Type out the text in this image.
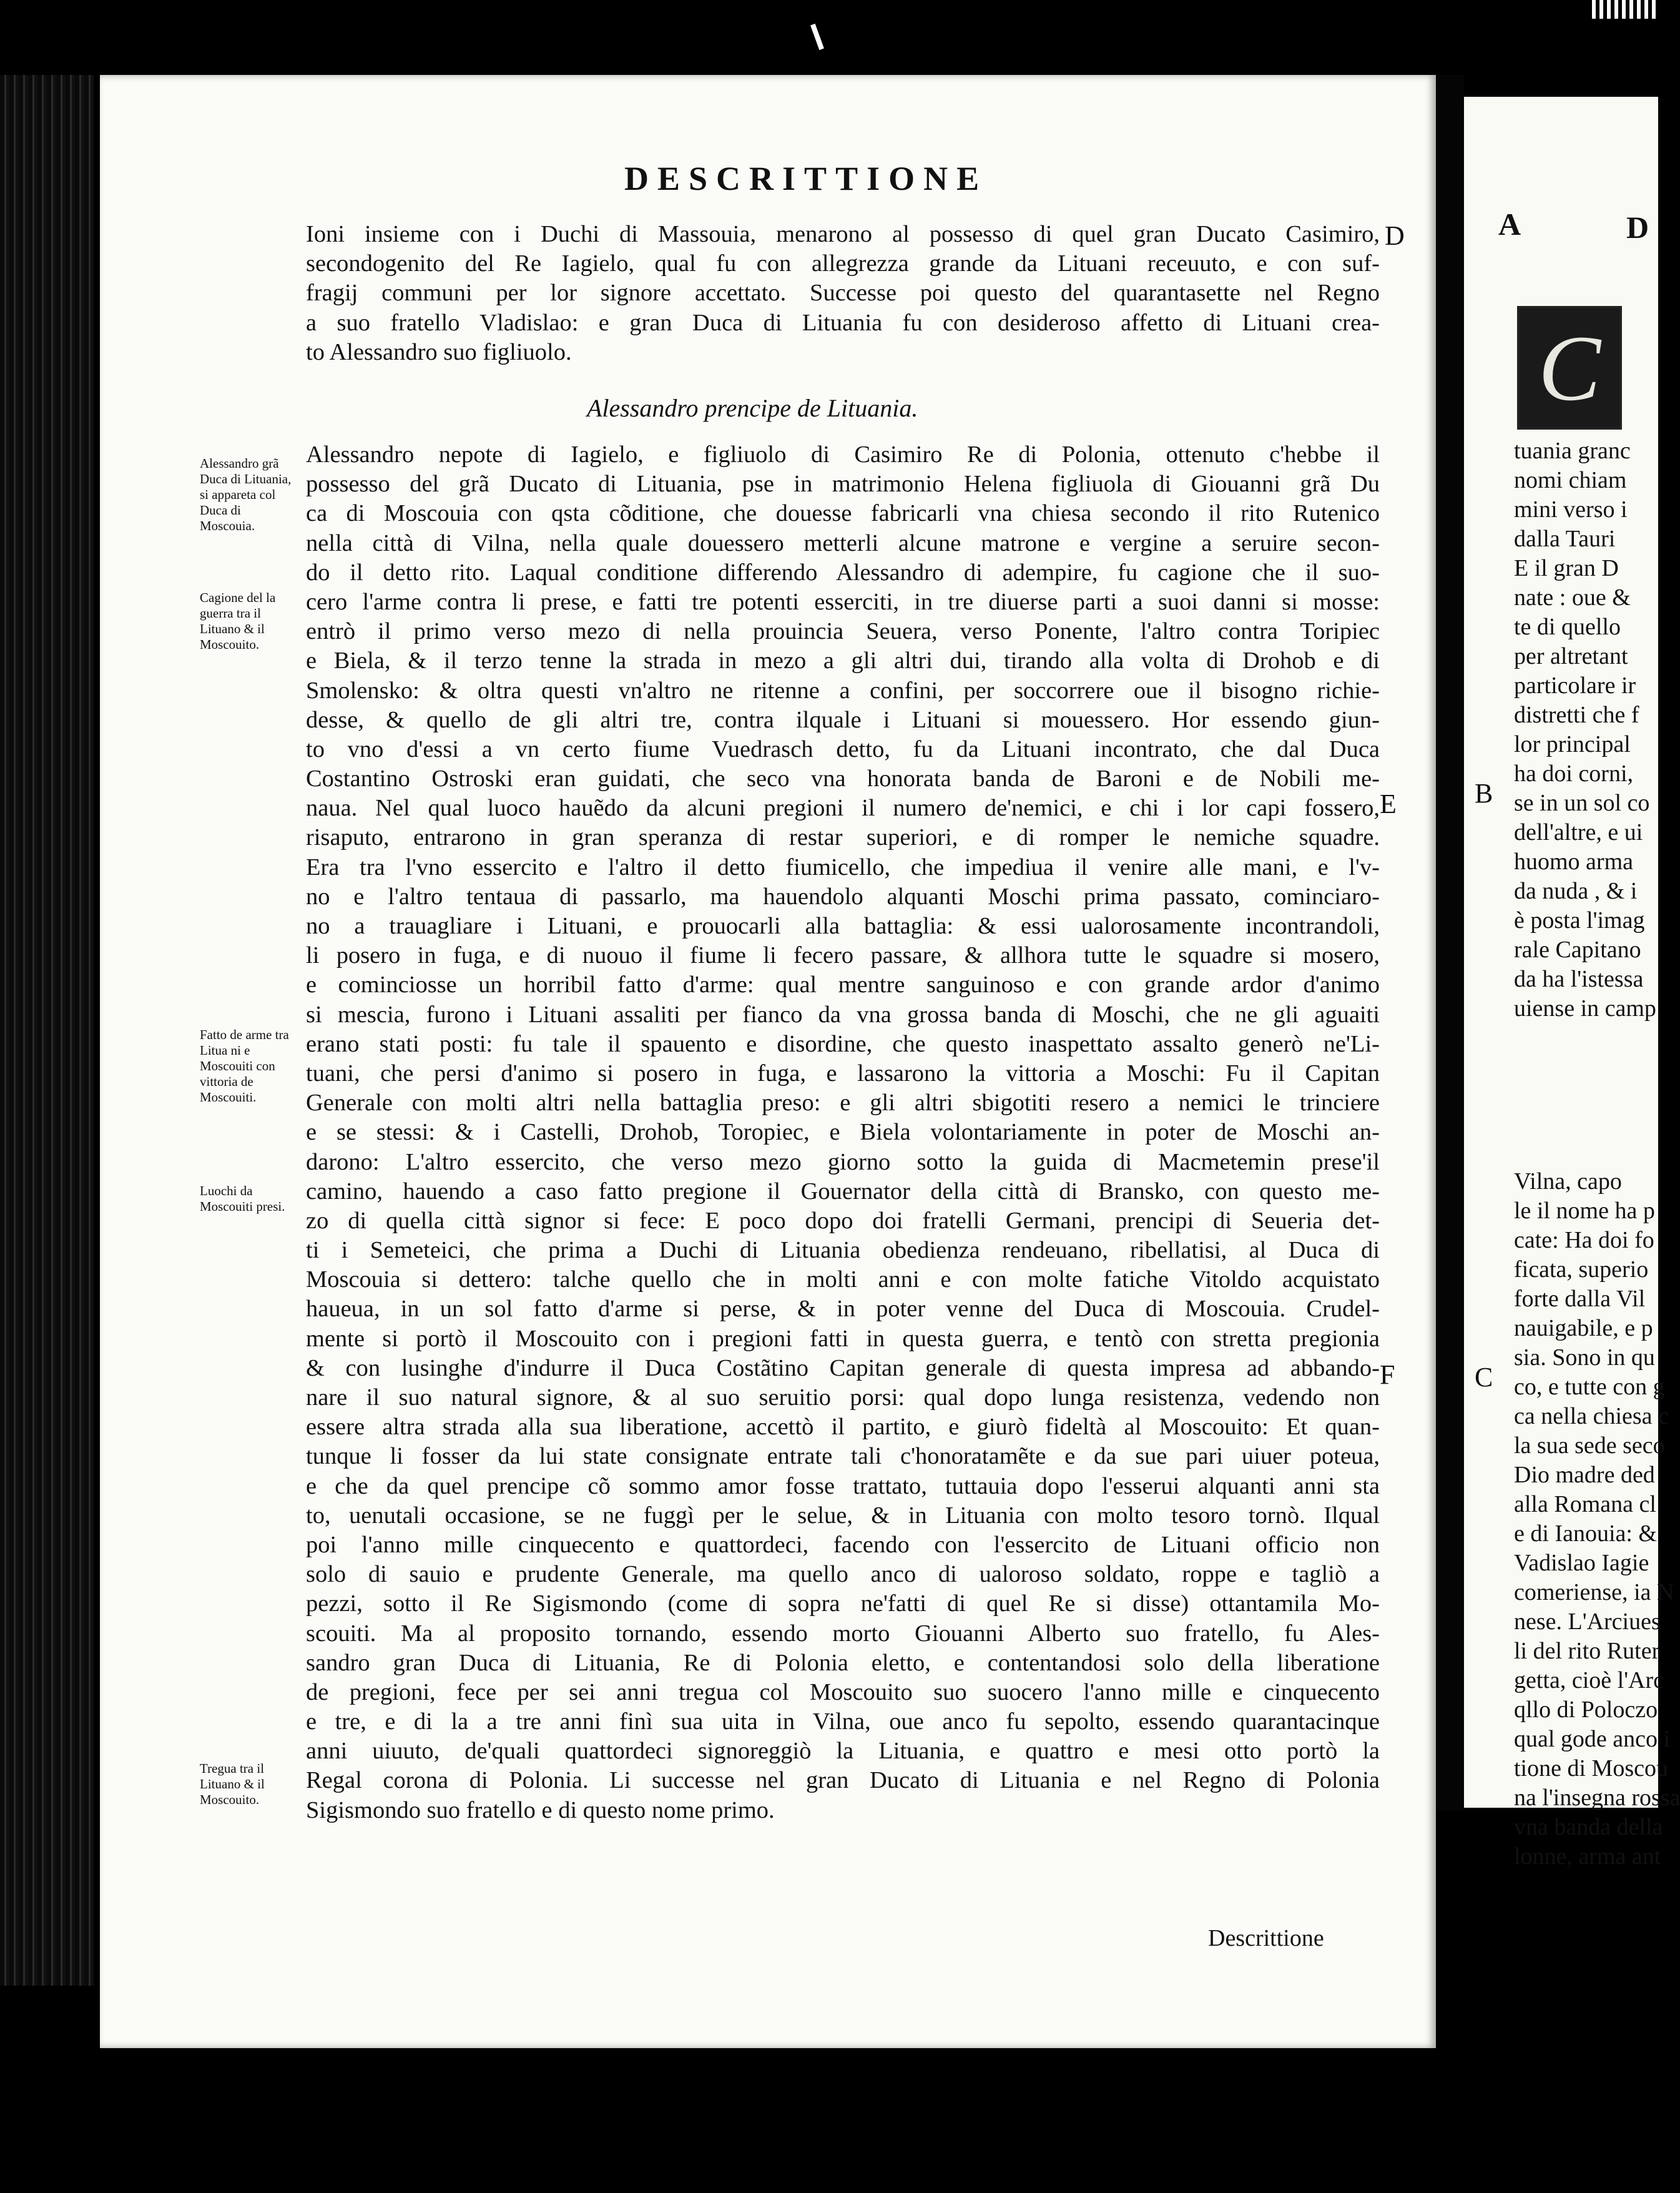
DESCRITTIONE
Ioni insieme con i Duchi di Massouia, menarono al possesso di quel gran Ducato Casimiro,
secondogenito del Re Iagielo, qual fu con allegrezza grande da Lituani receuuto, e con suf-
fragij communi per lor signore accettato. Successe poi questo del quarantasette nel Regno
a suo fratello Vladislao: e gran Duca di Lituania fu con desideroso affetto di Lituani crea-
to Alessandro suo figliuolo.
D
Alessandro prencipe de Lituania.
Alessandro nepote di Iagielo, e figliuolo di Casimiro Re di Polonia, ottenuto c'hebbe il
possesso del grã Ducato di Lituania, pse in matrimonio Helena figliuola di Giouanni grã Du
ca di Moscouia con qsta cõditione, che douesse fabricarli vna chiesa secondo il rito Rutenico
nella città di Vilna, nella quale douessero metterli alcune matrone e vergine a seruire secon-
do il detto rito. Laqual conditione differendo Alessandro di adempire, fu cagione che il suo-
cero l'arme contra li prese, e fatti tre potenti esserciti, in tre diuerse parti a suoi danni si mosse:
entrò il primo verso mezo di nella prouincia Seuera, verso Ponente, l'altro contra Toripiec
e Biela, & il terzo tenne la strada in mezo a gli altri dui, tirando alla volta di Drohob e di
Smolensko: & oltra questi vn'altro ne ritenne a confini, per soccorrere oue il bisogno richie-
desse, & quello de gli altri tre, contra ilquale i Lituani si mouessero. Hor essendo giun-
to vno d'essi a vn certo fiume Vuedrasch detto, fu da Lituani incontrato, che dal Duca
Costantino Ostroski eran guidati, che seco vna honorata banda de Baroni e de Nobili me-
naua. Nel qual luoco hauẽdo da alcuni pregioni il numero de'nemici, e chi i lor capi fossero,
risaputo, entrarono in gran speranza di restar superiori, e di romper le nemiche squadre.
Era tra l'vno essercito e l'altro il detto fiumicello, che impediua il venire alle mani, e l'v-
no e l'altro tentaua di passarlo, ma hauendolo alquanti Moschi prima passato, cominciaro-
no a trauagliare i Lituani, e prouocarli alla battaglia: & essi ualorosamente incontrandoli,
li posero in fuga, e di nuouo il fiume li fecero passare, & allhora tutte le squadre si mosero,
e cominciosse un horribil fatto d'arme: qual mentre sanguinoso e con grande ardor d'animo
si mescia, furono i Lituani assaliti per fianco da vna grossa banda di Moschi, che ne gli aguaiti
erano stati posti: fu tale il spauento e disordine, che questo inaspettato assalto generò ne'Li-
tuani, che persi d'animo si posero in fuga, e lassarono la vittoria a Moschi: Fu il Capitan
Generale con molti altri nella battaglia preso: e gli altri sbigotiti resero a nemici le trinciere
e se stessi: & i Castelli, Drohob, Toropiec, e Biela volontariamente in poter de Moschi an-
darono: L'altro essercito, che verso mezo giorno sotto la guida di Macmetemin prese'il
camino, hauendo a caso fatto pregione il Gouernator della città di Bransko, con questo me-
zo di quella città signor si fece: E poco dopo doi fratelli Germani, prencipi di Seueria det-
ti i Semeteici, che prima a Duchi di Lituania obedienza rendeuano, ribellatisi, al Duca di
Moscouia si dettero: talche quello che in molti anni e con molte fatiche Vitoldo acquistato
haueua, in un sol fatto d'arme si perse, & in poter venne del Duca di Moscouia. Crudel-
mente si portò il Moscouito con i pregioni fatti in questa guerra, e tentò con stretta pregionia
& con lusinghe d'indurre il Duca Costãtino Capitan generale di questa impresa ad abbando-
nare il suo natural signore, & al suo seruitio porsi: qual dopo lunga resistenza, vedendo non
essere altra strada alla sua liberatione, accettò il partito, e giurò fideltà al Moscouito: Et quan-
tunque li fosser da lui state consignate entrate tali c'honoratamẽte e da sue pari uiuer poteua,
e che da quel prencipe cõ sommo amor fosse trattato, tuttauia dopo l'esserui alquanti anni sta
to, uenutali occasione, se ne fuggì per le selue, & in Lituania con molto tesoro tornò. Ilqual
poi l'anno mille cinquecento e quattordeci, facendo con l'essercito de Lituani officio non
solo di sauio e prudente Generale, ma quello anco di ualoroso soldato, roppe e tagliò a
pezzi, sotto il Re Sigismondo (come di sopra ne'fatti di quel Re si disse) ottantamila Mo-
scouiti. Ma al proposito tornando, essendo morto Giouanni Alberto suo fratello, fu Ales-
sandro gran Duca di Lituania, Re di Polonia eletto, e contentandosi solo della liberatione
de pregioni, fece per sei anni tregua col Moscouito suo suocero l'anno mille e cinquecento
e tre, e di la a tre anni finì sua uita in Vilna, oue anco fu sepolto, essendo quarantacinque
anni uiuuto, de'quali quattordeci signoreggiò la Lituania, e quattro e mesi otto portò la
Regal corona di Polonia. Li successe nel gran Ducato di Lituania e nel Regno di Polonia
Sigismondo suo fratello e di questo nome primo.
E
F
Alessandro grã Duca di Lituania, si appareta col Duca di Moscouia.
Cagione del la guerra tra il Lituano & il Moscouito.
Fatto de arme tra Litua ni e Moscouiti con vittoria de Moscouiti.
Luochi da Moscouiti presi.
Tregua tra il Lituano & il Moscouito.
Descrittione
A	D
C
tuania granc
nomi chiam
mini verso i
dalla Tauri
E il gran D
nate : oue &
te di quello
per altretant
particolare ir
distretti che f
lor principal
ha doi corni,
se in un sol co
dell'altre, e ui
huomo arma
da nuda , & i
è posta l'imag
rale Capitano
da ha l'istessa
uiense in camp
Vilna, capo
le il nome ha p
cate: Ha doi fo
ficata, superio
forte dalla Vil
nauigabile, e p
sia. Sono in qu
co, e tutte con g
ca nella chiesa c
la sua sede seco
Dio madre ded
alla Romana cl
e di Ianouia: &
Vadislao Iagie
comeriense, ia N
nese. L'Arciues
li del rito Ruter
getta, cioè l'Arc
qllo di Poloczo
qual gode anco i
tione di Moscou
na l'insegna rossa
vna banda della
lonne, arma ant
B
C
